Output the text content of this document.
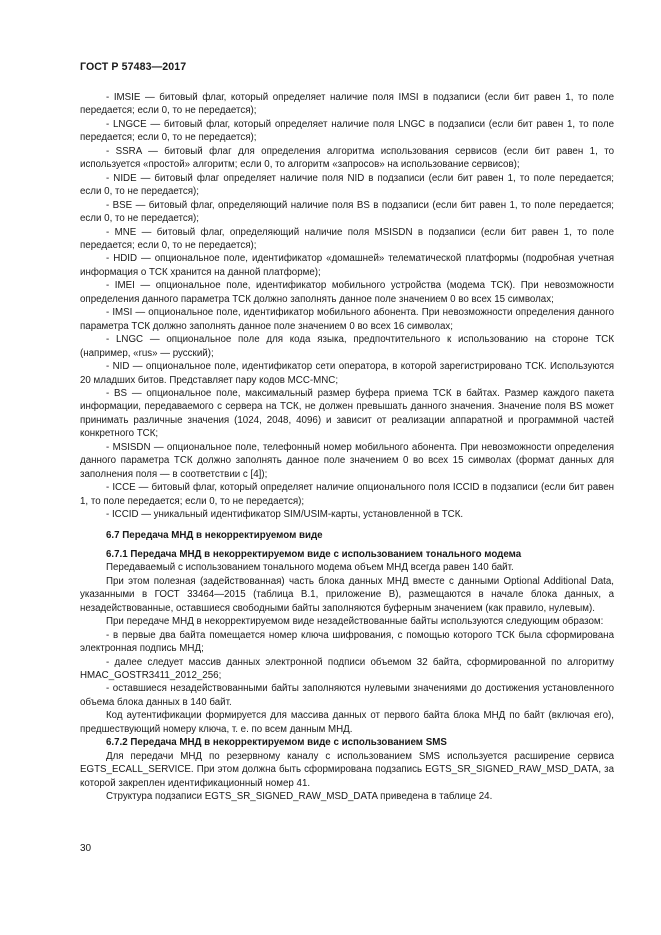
ГОСТ Р 57483—2017

- IMSIE — битовый флаг, который определяет наличие поля IMSI в подзаписи (если бит равен 1, то поле передается; если 0, то не передается);

- LNGCE — битовый флаг, который определяет наличие поля LNGC в подзаписи (если бит равен 1, то поле передается; если 0, то не передается);

- SSRA — битовый флаг для определения алгоритма использования сервисов (если бит равен 1, то используется «простой» алгоритм; если 0, то алгоритм «запросов» на использование сервисов);

- NIDE — битовый флаг определяет наличие поля NID в подзаписи (если бит равен 1, то поле передается; если 0, то не передается);

- BSE — битовый флаг, определяющий наличие поля BS в подзаписи (если бит равен 1, то поле передается; если 0, то не передается);

- MNE — битовый флаг, определяющий наличие поля MSISDN в подзаписи (если бит равен 1, то поле передается; если 0, то не передается);

- HDID — опциональное поле, идентификатор «домашней» телематической платформы (подробная учетная информация о ТСК хранится на данной платформе);

- IMEI — опциональное поле, идентификатор мобильного устройства (модема ТСК). При невозможности определения данного параметра ТСК должно заполнять данное поле значением 0 во всех 15 символах;

- IMSI — опциональное поле, идентификатор мобильного абонента. При невозможности определения данного параметра ТСК должно заполнять данное поле значением 0 во всех 16 символах;

- LNGC — опциональное поле для кода языка, предпочтительного к использованию на стороне ТСК (например, «rus» — русский);

- NID — опциональное поле, идентификатор сети оператора, в которой зарегистрировано ТСК. Используются 20 младших битов. Представляет пару кодов MCC-MNC;

- BS — опциональное поле, максимальный размер буфера приема ТСК в байтах. Размер каждого пакета информации, передаваемого с сервера на ТСК, не должен превышать данного значения. Значение поля BS может принимать различные значения (1024, 2048, 4096) и зависит от реализации аппаратной и программной частей конкретного ТСК;

- MSISDN — опциональное поле, телефонный номер мобильного абонента. При невозможности определения данного параметра ТСК должно заполнять данное поле значением 0 во всех 15 символах (формат данных для заполнения поля — в соответствии с [4]);

- ICCE — битовый флаг, который определяет наличие опционального поля ICCID в подзаписи (если бит равен 1, то поле передается; если 0, то не передается);

- ICCID — уникальный идентификатор SIM/USIM-карты, установленной в ТСК.

6.7 Передача МНД в некорректируемом виде

6.7.1 Передача МНД в некорректируемом виде с использованием тонального модема

Передаваемый с использованием тонального модема объем МНД всегда равен 140 байт.

При этом полезная (задействованная) часть блока данных МНД вместе с данными Optional Additional Data, указанными в ГОСТ 33464—2015 (таблица В.1, приложение В), размещаются в начале блока данных, а незадействованные, оставшиеся свободными байты заполняются буферным значением (как правило, нулевым).

При передаче МНД в некорректируемом виде незадействованные байты используются следующим образом:

- в первые два байта помещается номер ключа шифрования, с помощью которого ТСК была сформирована электронная подпись МНД;

- далее следует массив данных электронной подписи объемом 32 байта, сформированной по алгоритму HMAC_GOSTR3411_2012_256;

- оставшиеся незадействованными байты заполняются нулевыми значениями до достижения установленного объема блока данных в 140 байт.

Код аутентификации формируется для массива данных от первого байта блока МНД по байт (включая его), предшествующий номеру ключа, т. е. по всем данным МНД.

6.7.2 Передача МНД в некорректируемом виде с использованием SMS

Для передачи МНД по резервному каналу с использованием SMS используется расширение сервиса EGTS_ECALL_SERVICE. При этом должна быть сформирована подзапись EGTS_SR_SIGNED_RAW_MSD_DATA, за которой закреплен идентификационный номер 41.

Структура подзаписи EGTS_SR_SIGNED_RAW_MSD_DATA приведена в таблице 24.

30
